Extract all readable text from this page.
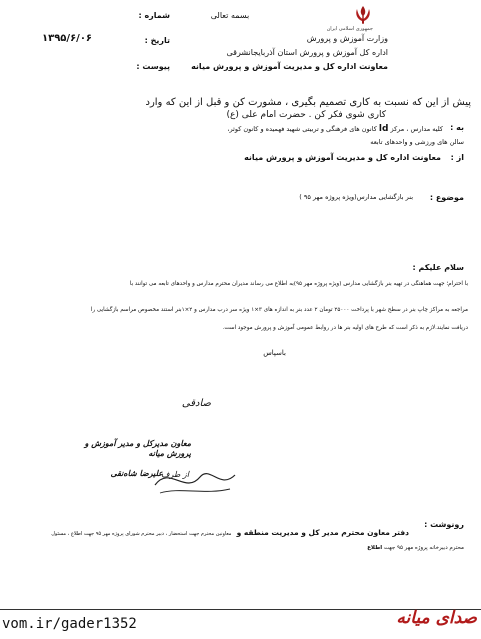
جمهوری اسلامی ایران
وزارت آموزش و پرورش
اداره کل آموزش و پرورش استان آذربایجانشرقی
معاونت اداره کل و مدیریت آموزش و پرورش میانه
بسمه تعالی
شماره :
تاریخ :
۱۳۹۵/۶/۰۶
پیوست :
پیش از این که نسبت به کاری تصمیم بگیری ، مشورت کن و قبل از این که وارد
کاری شوی فکر کن . حضرت امام علی (ع)
به :
کلیه مدارس ، مرکز ld کانون های فرهنگی و تربیتی شهید فهمیده و کانون کوثر،
سالن های ورزشی و واحدهای تابعه
از :
معاونت اداره کل و مدیریت آموزش و پرورش میانه
موضوع :
بنر بازگشایی مدارس(ویژه پروژه مهر ۹۵ )
سلام علیکم :
با احترام؛ جهت هماهنگی در تهیه بنر بازگشایی مدارس (ویژه پروژه مهر ۹۵)به اطلاع می رساند مدیران محترم مدارس و واحدهای تابعه می توانند با
مراجعه به مراکز چاپ بنر در سطح شهر با پرداخت ۲۵۰۰۰ تومان ۲ عدد بنر به اندازه های ۳×۱ ویژه سر درب مدارس و ۲×۱بنر استند مخصوص مراسم بازگشایی را
دریافت نمایند.لازم به ذکر است که طرح های اولیه بنر ها در روابط عمومی آموزش و پرورش موجود است.
باسپاس
صادقی
معاون مدیرکل و مدیر آموزش و پرورش میانه
از طرف
علیرضا شاه‌نقی
رونوشت :
دفتر معاون محترم مدیر کل و مدیریت منطقه و معاونین محترم جهت استحضار ، دبیر محترم شورای پروژه مهر ۹۵ جهت اطلاع ، مسئول
محترم دبیرخانه پروژه مهر ۹۵ جهت اطلاع
vom.ir/gader1352	صدای میانه
